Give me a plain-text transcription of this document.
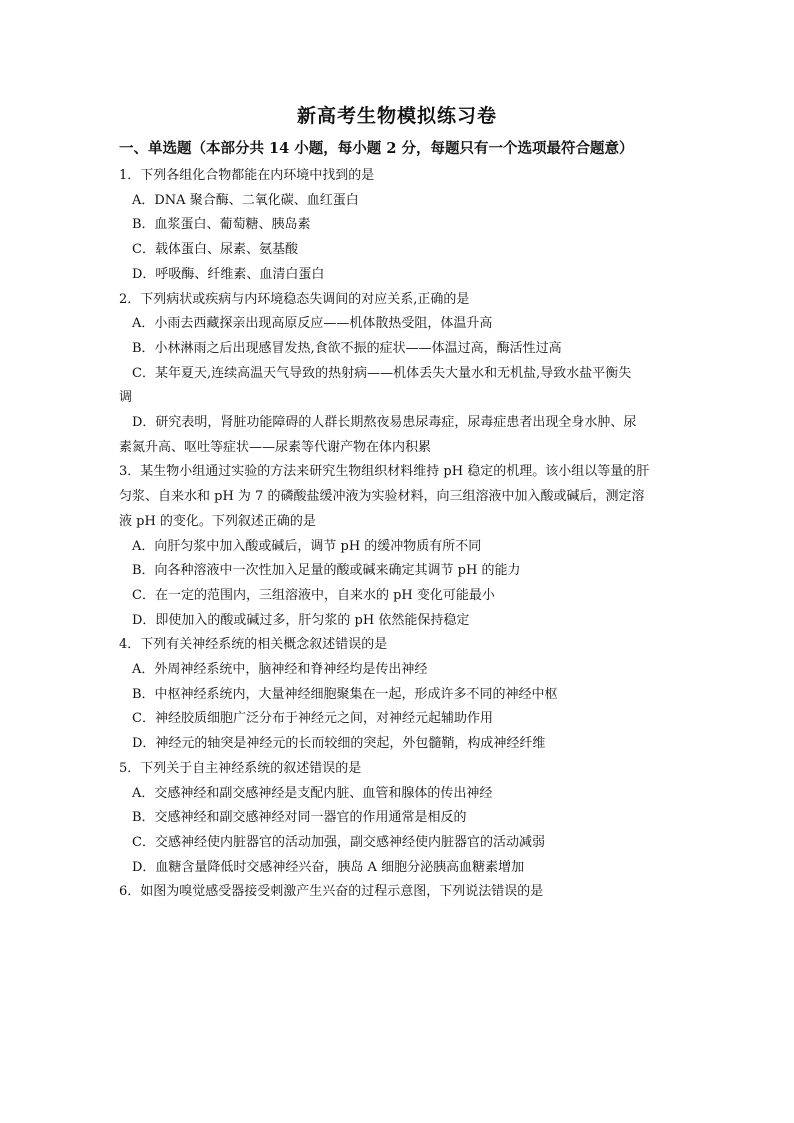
新高考生物模拟练习卷
一、单选题（本部分共 14 小题，每小题 2 分，每题只有一个选项最符合题意）

1．下列各组化合物都能在内环境中找到的是

A．DNA 聚合酶、二氧化碳、血红蛋白

B．血浆蛋白、葡萄糖、胰岛素

C．载体蛋白、尿素、氨基酸

D．呼吸酶、纤维素、血清白蛋白

2．下列病状或疾病与内环境稳态失调间的对应关系,正确的是

A．小雨去西藏探亲出现高原反应——机体散热受阻，体温升高

B．小林淋雨之后出现感冒发热,食欲不振的症状——体温过高，酶活性过高

C．某年夏天,连续高温天气导致的热射病——机体丢失大量水和无机盐,导致水盐平衡失

调

D．研究表明，肾脏功能障碍的人群长期熬夜易患尿毒症，尿毒症患者出现全身水肿、尿

素氮升高、呕吐等症状——尿素等代谢产物在体内积累

3．某生物小组通过实验的方法来研究生物组织材料维持 pH 稳定的机理。该小组以等量的肝

匀浆、自来水和 pH 为 7 的磷酸盐缓冲液为实验材料，向三组溶液中加入酸或碱后，测定溶

液 pH 的变化。下列叙述正确的是

A．向肝匀浆中加入酸或碱后，调节 pH 的缓冲物质有所不同

B．向各种溶液中一次性加入足量的酸或碱来确定其调节 pH 的能力

C．在一定的范围内，三组溶液中，自来水的 pH 变化可能最小

D．即使加入的酸或碱过多，肝匀浆的 pH 依然能保持稳定

4．下列有关神经系统的相关概念叙述错误的是

A．外周神经系统中，脑神经和脊神经均是传出神经

B．中枢神经系统内，大量神经细胞聚集在一起，形成许多不同的神经中枢

C．神经胶质细胞广泛分布于神经元之间，对神经元起辅助作用

D．神经元的轴突是神经元的长而较细的突起，外包髓鞘，构成神经纤维

5．下列关于自主神经系统的叙述错误的是

A．交感神经和副交感神经是支配内脏、血管和腺体的传出神经

B．交感神经和副交感神经对同一器官的作用通常是相反的

C．交感神经使内脏器官的活动加强，副交感神经使内脏器官的活动减弱

D．血糖含量降低时交感神经兴奋，胰岛 A 细胞分泌胰高血糖素增加

6．如图为嗅觉感受器接受刺激产生兴奋的过程示意图，下列说法错误的是
